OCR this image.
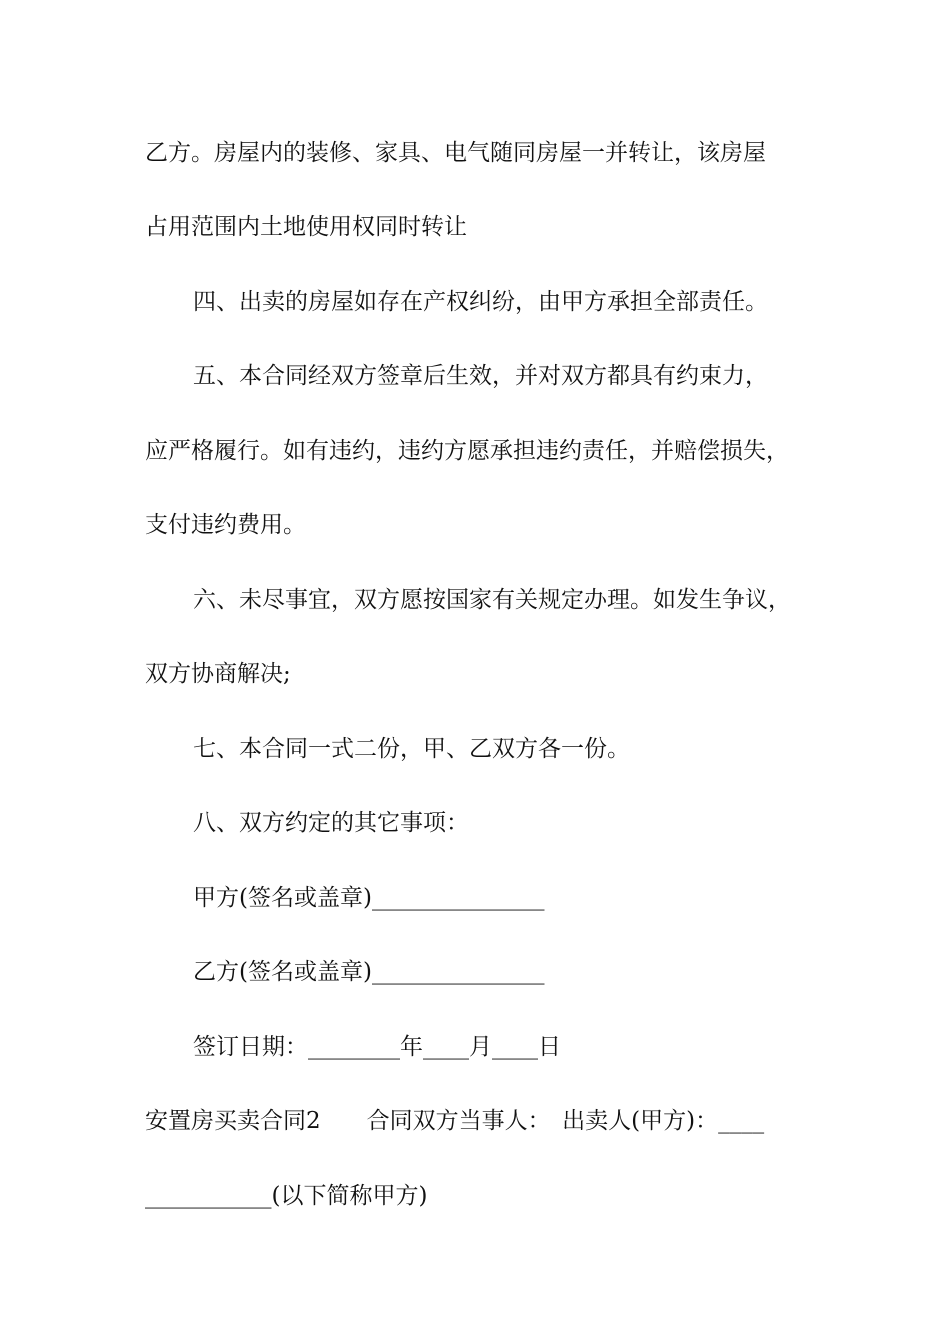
乙方。房屋内的装修、家具、电气随同房屋一并转让，该房屋
占用范围内土地使用权同时转让
四、出卖的房屋如存在产权纠纷，由甲方承担全部责任。
五、本合同经双方签章后生效，并对双方都具有约束力，
应严格履行。如有违约，违约方愿承担违约责任，并赔偿损失，
支付违约费用。
六、未尽事宜，双方愿按国家有关规定办理。如发生争议，
双方协商解决;
七、本合同一式二份，甲、乙双方各一份。
八、双方约定的其它事项：
甲方(签名或盖章)_______________
乙方(签名或盖章)_______________
签订日期：________年____月____日
安置房买卖合同2　　合同双方当事人：　出卖人(甲方)：____
___________(以下简称甲方)
